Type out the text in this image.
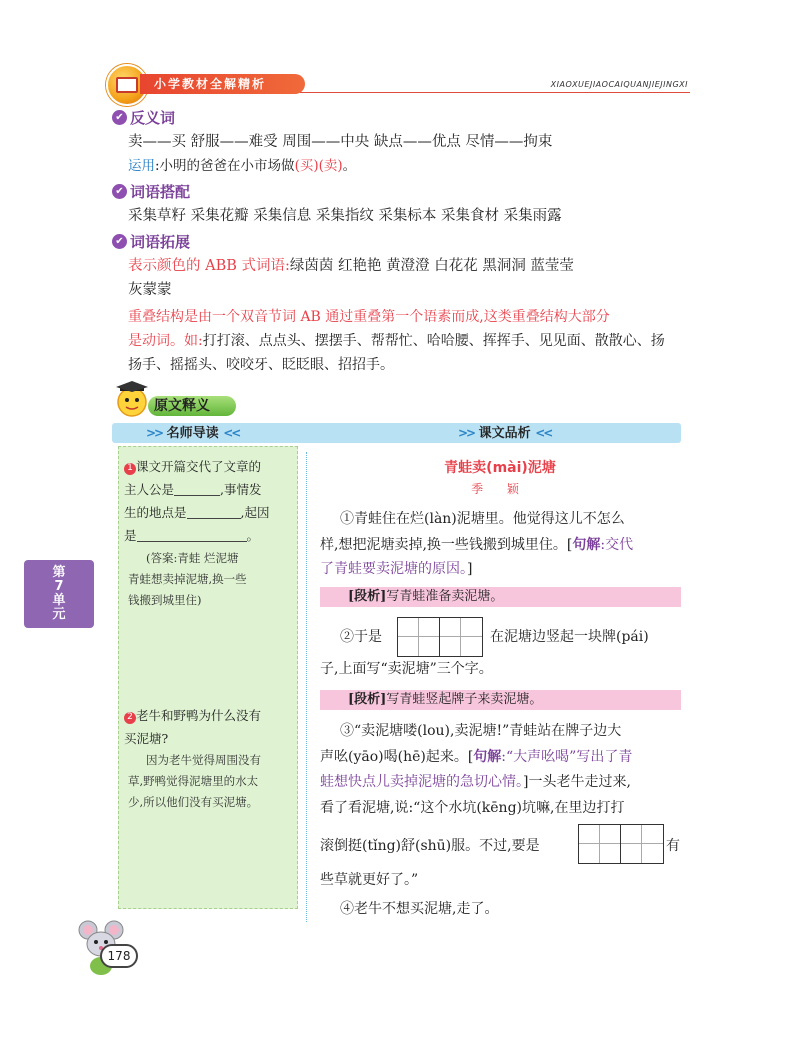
小学教材全解精析	XIAOXUEJIAOCAIQUANJIEJINGXI
✔ 反义词
卖——买 舒服——难受 周围——中央 缺点——优点 尽情——拘束
运用:小明的爸爸在小市场做(买)(卖)。
✔ 词语搭配
采集草籽 采集花瓣 采集信息 采集指纹 采集标本 采集食材 采集雨露
✔ 词语拓展
表示颜色的 ABB 式词语:绿茵茵 红艳艳 黄澄澄 白花花 黑洞洞 蓝莹莹
灰蒙蒙
重叠结构是由一个双音节词 AB 通过重叠第一个语素而成,这类重叠结构大部分
是动词。如:打打滚、点点头、摆摆手、帮帮忙、哈哈腰、挥挥手、见见面、散散心、扬
扬手、摇摇头、咬咬牙、眨眨眼、招招手。
原文释义
>> 名师导读 <<	>> 课文品析 <<
1 课文开篇交代了文章的
主人公是	,事情发
生的地点是	,起因
是	。
(答案:青蛙 烂泥塘
青蛙想卖掉泥塘,换一些
钱搬到城里住)
2 老牛和野鸭为什么没有
买泥塘?
因为老牛觉得周围没有
草,野鸭觉得泥塘里的水太
少,所以他们没有买泥塘。
第
7
单
元
青蛙卖(mài)泥塘
季 颖
①青蛙住在烂(làn)泥塘里。他觉得这儿不怎么
样,想把泥塘卖掉,换一些钱搬到城里住。[句解:交代
了青蛙要卖泥塘的原因。]
[段析]写青蛙准备卖泥塘。
②于是	在泥塘边竖起一块牌(pái)
子,上面写“卖泥塘”三个字。
[段析]写青蛙竖起牌子来卖泥塘。
③“卖泥塘喽(lou),卖泥塘!”青蛙站在牌子边大
声吆(yāo)喝(hē)起来。[句解:“大声吆喝”写出了青
蛙想快点儿卖掉泥塘的急切心情。]一头老牛走过来,
看了看泥塘,说:“这个水坑(kēng)坑嘛,在里边打打
滚倒挺(tǐng)舒(shū)服。不过,要是	有
些草就更好了。”
④老牛不想买泥塘,走了。
178
